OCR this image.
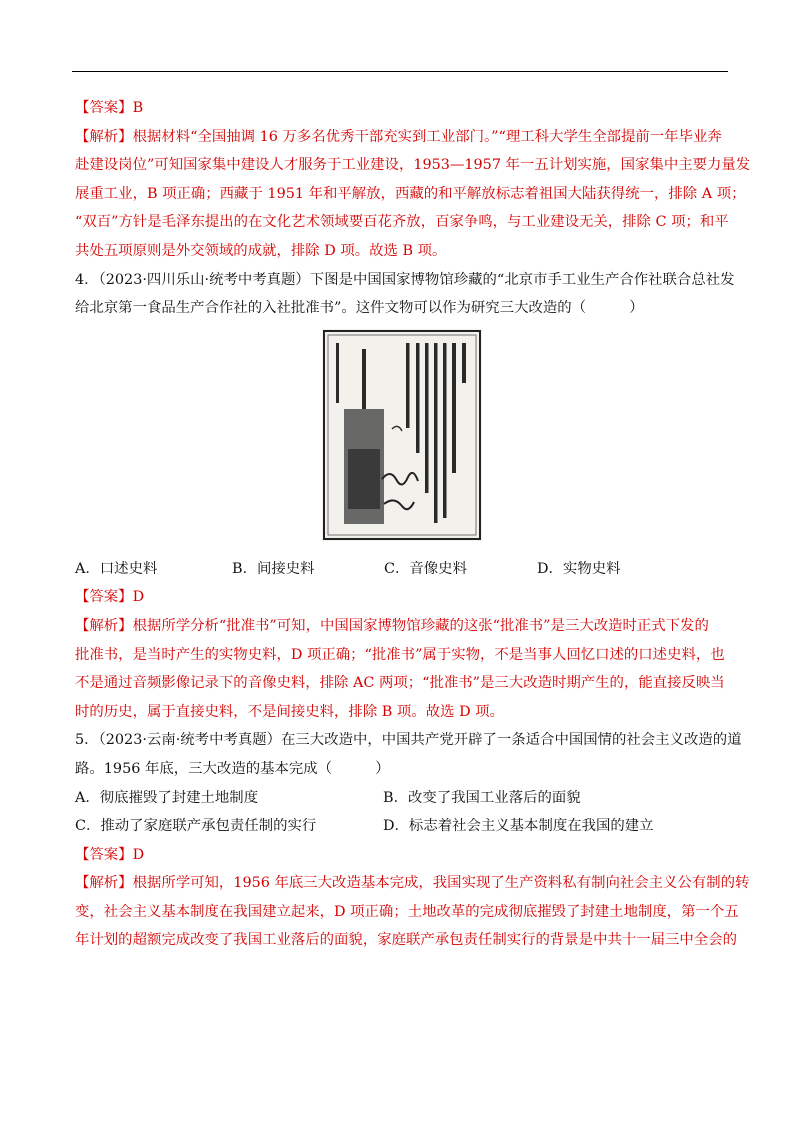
【答案】B
【解析】根据材料“全国抽调 16 万多名优秀干部充实到工业部门。”“理工科大学生全部提前一年毕业奔
赴建设岗位”可知国家集中建设人才服务于工业建设，1953—1957 年一五计划实施，国家集中主要力量发
展重工业，B 项正确；西藏于 1951 年和平解放，西藏的和平解放标志着祖国大陆获得统一，排除 A 项；
“双百”方针是毛泽东提出的在文化艺术领域要百花齐放，百家争鸣，与工业建设无关，排除 C 项；和平
共处五项原则是外交领域的成就，排除 D 项。故选 B 项。
4．（2023·四川乐山·统考中考真题）下图是中国国家博物馆珍藏的“北京市手工业生产合作社联合总社发
给北京第一食品生产合作社的入社批准书”。这件文物可以作为研究三大改造的（　　　）
A．口述史料	B．间接史料	C．音像史料	D．实物史料
【答案】D
【解析】根据所学分析“批准书”可知，中国国家博物馆珍藏的这张“批准书”是三大改造时正式下发的
批准书，是当时产生的实物史料，D 项正确；“批准书”属于实物，不是当事人回忆口述的口述史料，也
不是通过音频影像记录下的音像史料，排除 AC 两项；“批准书”是三大改造时期产生的，能直接反映当
时的历史，属于直接史料，不是间接史料，排除 B 项。故选 D 项。
5．（2023·云南·统考中考真题）在三大改造中，中国共产党开辟了一条适合中国国情的社会主义改造的道
路。1956 年底，三大改造的基本完成（　　　）
A．彻底摧毁了封建土地制度	B．改变了我国工业落后的面貌
C．推动了家庭联产承包责任制的实行	D．标志着社会主义基本制度在我国的建立
【答案】D
【解析】根据所学可知，1956 年底三大改造基本完成，我国实现了生产资料私有制向社会主义公有制的转
变，社会主义基本制度在我国建立起来，D 项正确；土地改革的完成彻底摧毁了封建土地制度，第一个五
年计划的超额完成改变了我国工业落后的面貌，家庭联产承包责任制实行的背景是中共十一届三中全会的
